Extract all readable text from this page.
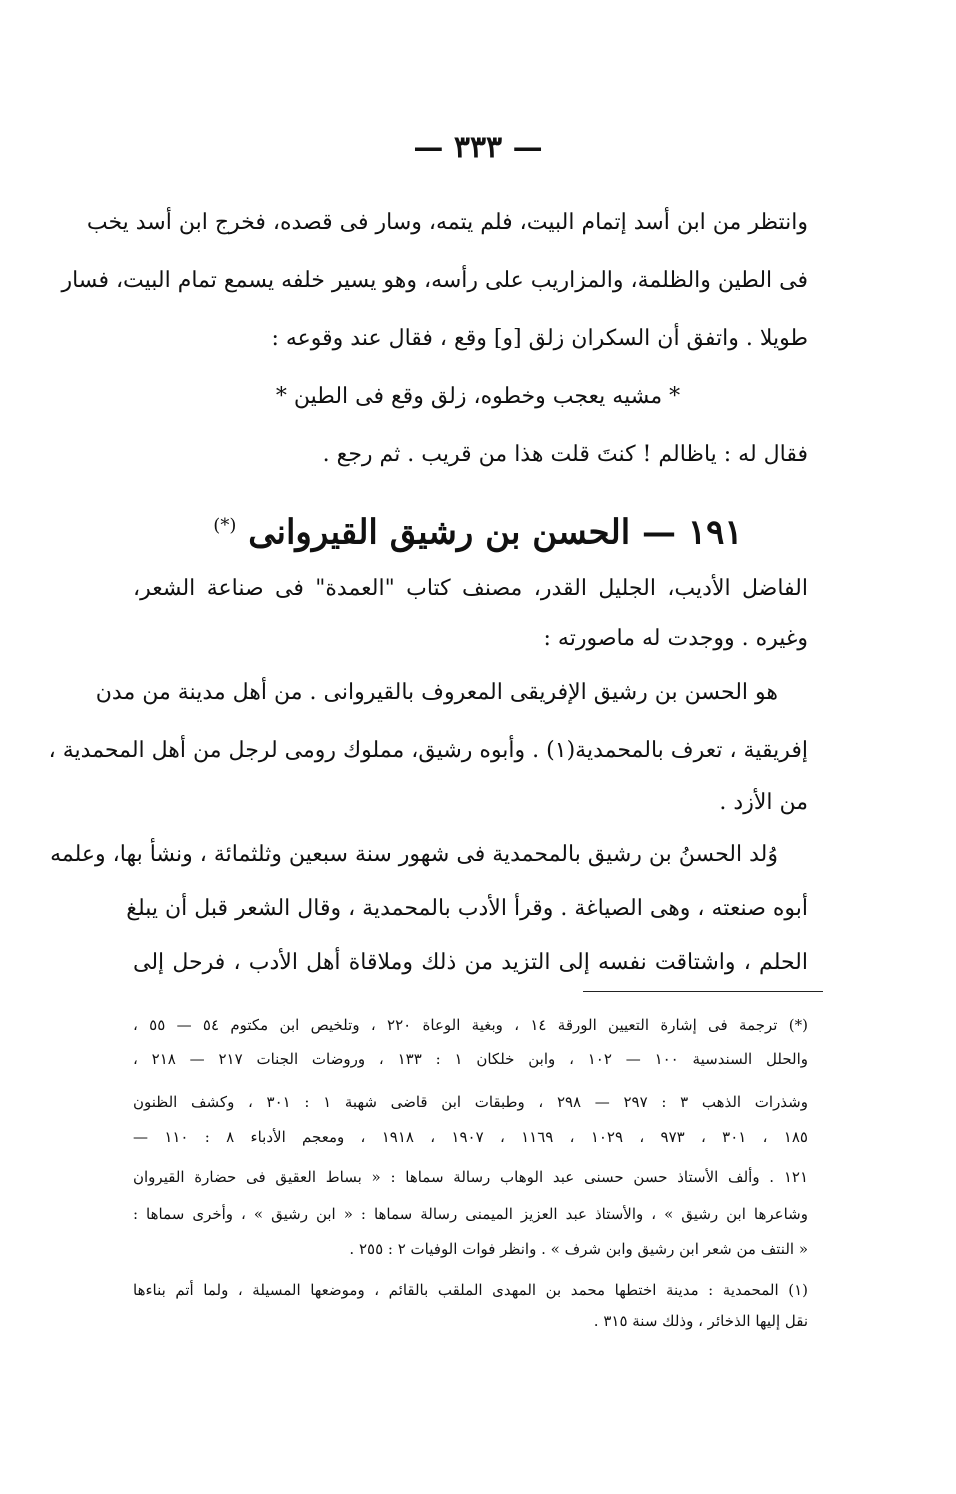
— ٣٣٣ —
وانتظر من ابن أسد إتمام البيت، فلم يتمه، وسار فى قصده، فخرج ابن أسد يخب
فى الطين والظلمة، والمزاريب على رأسه، وهو يسير خلفه يسمع تمام البيت، فسار
طويلا . واتفق أن السكران زلق [و] وقع ، فقال عند وقوعه :
* مشيه يعجب وخطوه، زلق وقع فى الطين *
فقال له : ياظالم ! كنتَ قلت هذا من قريب . ثم رجع .
١٩١ — الحسن بن رشيق القيروانى (*)
الفاضل الأديب، الجليل القدر، مصنف كتاب "العمدة" فى صناعة الشعر،
وغيره . ووجدت له ماصورته :
هو الحسن بن رشيق الإفريقى المعروف بالقيروانى . من أهل مدينة من مدن
إفريقية ، تعرف بالمحمدية(١) . وأبوه رشيق، مملوك رومى لرجل من أهل المحمدية ،
من الأزد .
وُلد الحسنُ بن رشيق بالمحمدية فى شهور سنة سبعين وثلثمائة ، ونشأ بها، وعلمه
أبوه صنعته ، وهى الصياغة . وقرأ الأدب بالمحمدية ، وقال الشعر قبل أن يبلغ
الحلم ، واشتاقت نفسه إلى التزيد من ذلك وملاقاة أهل الأدب ، فرحل إلى
(*) ترجمة فى إشارة التعيين الورقة ١٤ ، وبغية الوعاة ٢٢٠ ، وتلخيص ابن مكتوم ٥٤ — ٥٥ ،
والحلل السندسية ١٠٠ — ١٠٢ ، وابن خلكان ١ : ١٣٣ ، وروضات الجنات ٢١٧ — ٢١٨ ،
وشذرات الذهب ٣ : ٢٩٧ — ٢٩٨ ، وطبقات ابن قاضى شهبة ١ : ٣٠١ ، وكشف الظنون
١٨٥ ، ٣٠١ ، ٩٧٣ ، ١٠٢٩ ، ١١٦٩ ، ١٩٠٧ ، ١٩١٨ ، ومعجم الأدباء ٨ : ١١٠ —
١٢١ . وألف الأستاذ حسن حسنى عبد الوهاب رسالة سماها : « بساط العقيق فى حضارة القيروان
وشاعرها ابن رشيق » ، والأستاذ عبد العزيز الميمنى رسالة سماها : « ابن رشيق » ، وأخرى سماها :
« النتف من شعر ابن رشيق وابن شرف » . وانظر فوات الوفيات ٢ : ٢٥٥ .
(١) المحمدية : مدينة اختطها محمد بن المهدى الملقب بالقائم ، وموضعها المسيلة ، ولما أتم بناءها
نقل إليها الذخائر ، وذلك سنة ٣١٥ .
